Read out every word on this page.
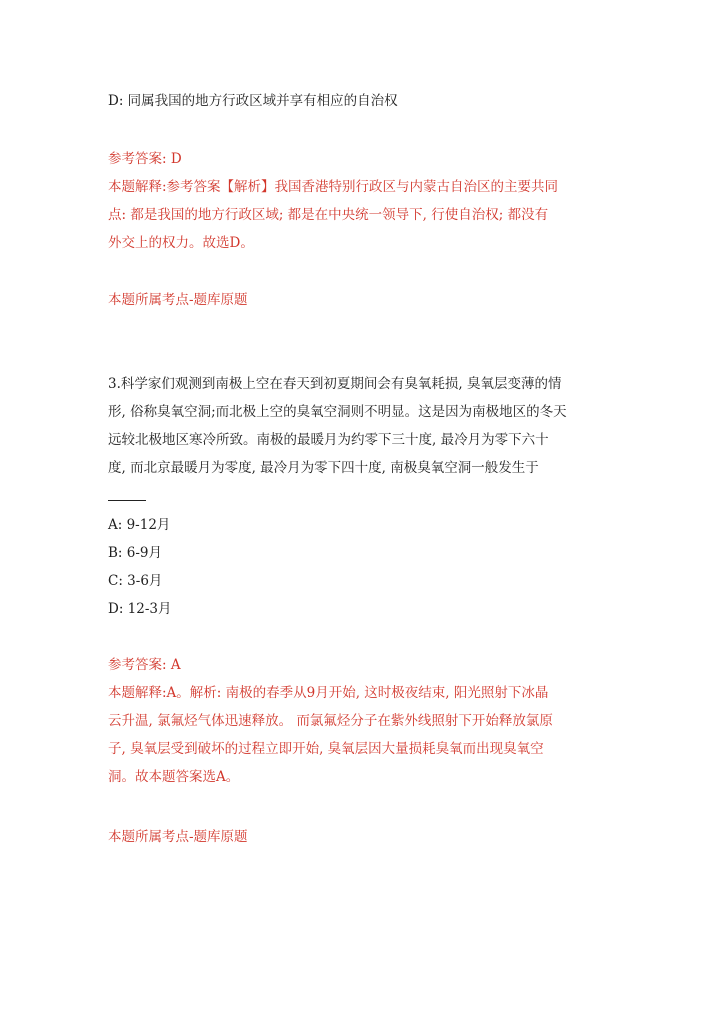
D: 同属我国的地方行政区域并享有相应的自治权
参考答案: D
本题解释:参考答案【解析】我国香港特别行政区与内蒙古自治区的主要共同
点: 都是我国的地方行政区域; 都是在中央统一领导下, 行使自治权; 都没有
外交上的权力。故选D。
本题所属考点-题库原题
3.科学家们观测到南极上空在春天到初夏期间会有臭氧耗损, 臭氧层变薄的情
形, 俗称臭氧空洞;而北极上空的臭氧空洞则不明显。这是因为南极地区的冬天
远较北极地区寒冷所致。南极的最暖月为约零下三十度, 最冷月为零下六十
度, 而北京最暖月为零度, 最冷月为零下四十度, 南极臭氧空洞一般发生于
A: 9-12月
B: 6-9月
C: 3-6月
D: 12-3月
参考答案: A
本题解释:A。解析: 南极的春季从9月开始, 这时极夜结束, 阳光照射下冰晶
云升温, 氯氟烃气体迅速释放。 而氯氟烃分子在紫外线照射下开始释放氯原
子, 臭氧层受到破坏的过程立即开始, 臭氧层因大量损耗臭氧而出现臭氧空
洞。故本题答案选A。
本题所属考点-题库原题
